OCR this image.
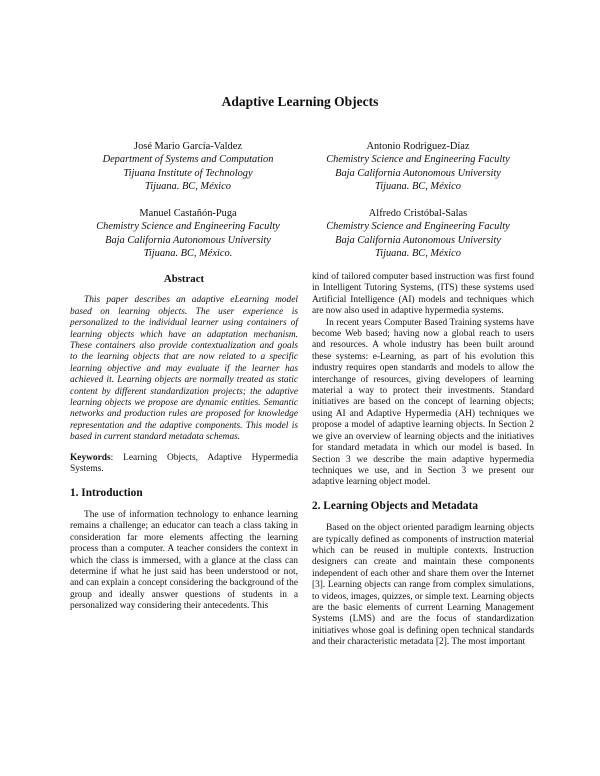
Adaptive Learning Objects
José Mario García-Valdez
Department of Systems and Computation
Tijuana Institute of Technology
Tijuana. BC, México
Antonio Rodriguez-Díaz
Chemistry Science and Engineering Faculty
Baja California Autonomous University
Tijuana. BC, México
Manuel Castañón-Puga
Chemistry Science and Engineering Faculty
Baja California Autonomous University
Tijuana. BC, México.
Alfredo Cristóbal-Salas
Chemistry Science and Engineering Faculty
Baja California Autonomous University
Tijuana. BC, México
Abstract

This paper describes an adaptive eLearning model based on learning objects. The user experience is personalized to the individual learner using containers of learning objects which have an adaptation mechanism. These containers also provide contextualization and goals to the learning objects that are now related to a specific learning objective and may evaluate if the learner has achieved it. Learning objects are normally treated as static content by different standardization projects; the adaptive learning objects we propose are dynamic entities. Semantic networks and production rules are proposed for knowledge representation and the adaptive components. This model is based in current standard metadata schemas.

Keywords: Learning Objects, Adaptive Hypermedia Systems.

1. Introduction

The use of information technology to enhance learning remains a challenge; an educator can teach a class taking in consideration far more elements affecting the learning process than a computer. A teacher considers the context in which the class is immersed, with a glance at the class can determine if what he just said has been understood or not, and can explain a concept considering the background of the group and ideally answer questions of students in a personalized way considering their antecedents. This

kind of tailored computer based instruction was first found in Intelligent Tutoring Systems, (ITS) these systems used Artificial Intelligence (AI) models and techniques which are now also used in adaptive hypermedia systems.

In recent years Computer Based Training systems have become Web based; having now a global reach to users and resources. A whole industry has been built around these systems: e-Learning, as part of his evolution this industry requires open standards and models to allow the interchange of resources, giving developers of learning material a way to protect their investments. Standard initiatives are based on the concept of learning objects; using AI and Adaptive Hypermedia (AH) techniques we propose a model of adaptive learning objects. In Section 2 we give an overview of learning objects and the initiatives for standard metadata in which our model is based. In Section 3 we describe the main adaptive hypermedia techniques we use, and in Section 3 we present our adaptive learning object model.

2. Learning Objects and Metadata

Based on the object oriented paradigm learning objects are typically defined as components of instruction material which can be reused in multiple contexts. Instruction designers can create and maintain these components independent of each other and share them over the Internet [3]. Learning objects can range from complex simulations, to videos, images, quizzes, or simple text. Learning objects are the basic elements of current Learning Management Systems (LMS) and are the focus of standardization initiatives whose goal is defining open technical standards and their characteristic metadata [2]. The most important
